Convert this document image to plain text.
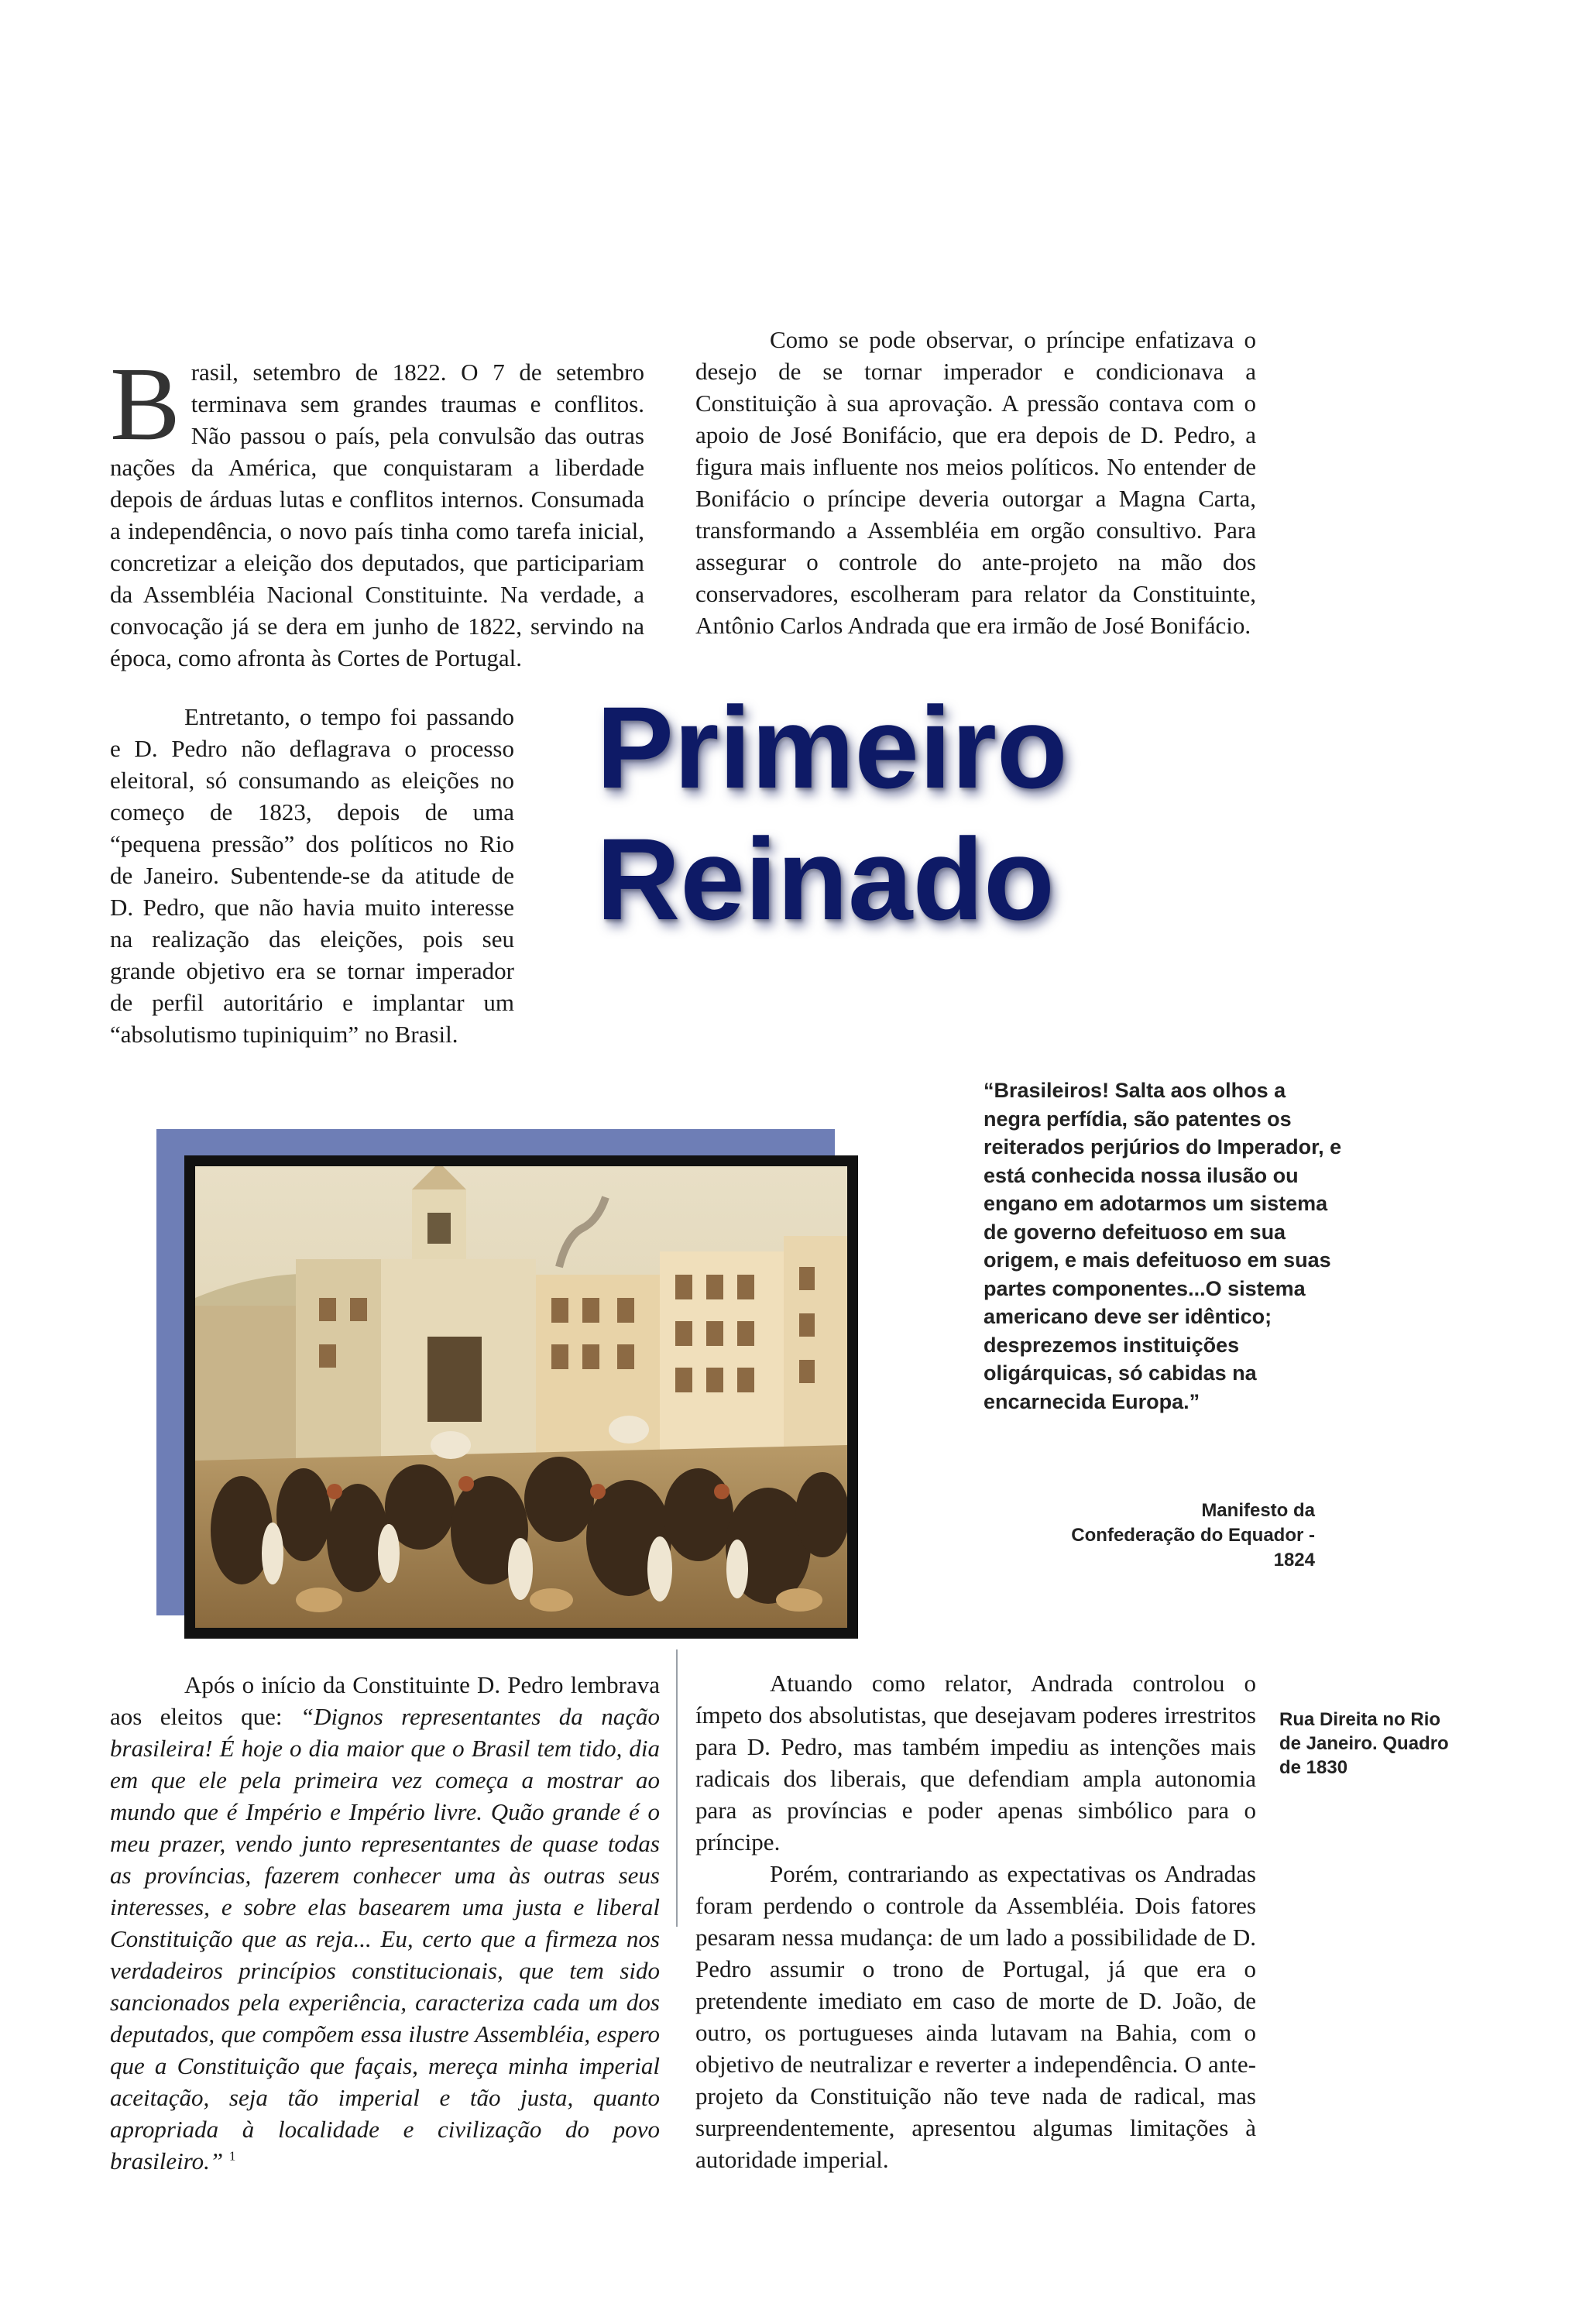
Brasil, setembro de 1822. O 7 de setembro terminava sem grandes traumas e conflitos. Não passou o país, pela convulsão das outras nações da América, que conquistaram a liberdade depois de árduas lutas e conflitos internos. Consumada a independência, o novo país tinha como tarefa inicial, concretizar a eleição dos deputados, que participariam da Assembléia Nacional Constituinte. Na verdade, a convocação já se dera em junho de 1822, servindo na época, como afronta às Cortes de Portugal.

Entretanto, o tempo foi passando e D. Pedro não deflagrava o processo eleitoral, só consumando as eleições no começo de 1823, depois de uma “pequena pressão” dos políticos no Rio de Janeiro. Subentende-se da atitude de D. Pedro, que não havia muito interesse na realização das eleições, pois seu grande objetivo era se tornar imperador de perfil autoritário e implantar um “absolutismo tupiniquim” no Brasil.

Como se pode observar, o príncipe enfatizava o desejo de se tornar imperador e condicionava a Constituição à sua aprovação. A pressão contava com o apoio de José Bonifácio, que era depois de D. Pedro, a figura mais influente nos meios políticos. No entender de Bonifácio o príncipe deveria outorgar a Magna Carta, transformando a Assembléia em orgão consultivo. Para assegurar o controle do ante-projeto na mão dos conservadores, escolheram para relator da Constituinte, Antônio Carlos Andrada que era irmão de José Bonifácio.

Primeiro
Reinado
“Brasileiros! Salta aos olhos a negra perfídia, são patentes os reiterados perjúrios do Imperador, e está conhecida nossa ilusão ou engano em adotarmos um sistema de governo defeituoso em sua origem, e mais defeituoso em suas partes componentes...O sistema americano deve ser idêntico; desprezemos instituições oligárquicas, só cabidas na encarnecida Europa.”
Manifesto da
Confederação do Equador -
1824
Rua Direita no Rio de Janeiro. Quadro de 1830

Após o início da Constituinte D. Pedro lembrava aos eleitos que: “Dignos representantes da nação brasileira! É hoje o dia maior que o Brasil tem tido, dia em que ele pela primeira vez começa a mostrar ao mundo que é Império e Império livre. Quão grande é o meu prazer, vendo junto representantes de quase todas as províncias, fazerem conhecer uma às outras seus interesses, e sobre elas basearem uma justa e liberal Constituição que as reja... Eu, certo que a firmeza nos verdadeiros princípios constitucionais, que tem sido sancionados pela experiência, caracteriza cada um dos deputados, que compõem essa ilustre Assembléia, espero que a Constituição que façais, mereça minha imperial aceitação, seja tão imperial e tão justa, quanto apropriada à localidade e civilização do povo brasileiro.” $^1$

Atuando como relator, Andrada controlou o ímpeto dos absolutistas, que desejavam poderes irrestritos para D. Pedro, mas também impediu as intenções mais radicais dos liberais, que defendiam ampla autonomia para as províncias e poder apenas simbólico para o príncipe.

Porém, contrariando as expectativas os Andradas foram perdendo o controle da Assembléia. Dois fatores pesaram nessa mudança: de um lado a possibilidade de D. Pedro assumir o trono de Portugal, já que era o pretendente imediato em caso de morte de D. João, de outro, os portugueses ainda lutavam na Bahia, com o objetivo de neutralizar e reverter a independência. O ante-projeto da Constituição não teve nada de radical, mas surpreendentemente, apresentou algumas limitações à autoridade imperial.
